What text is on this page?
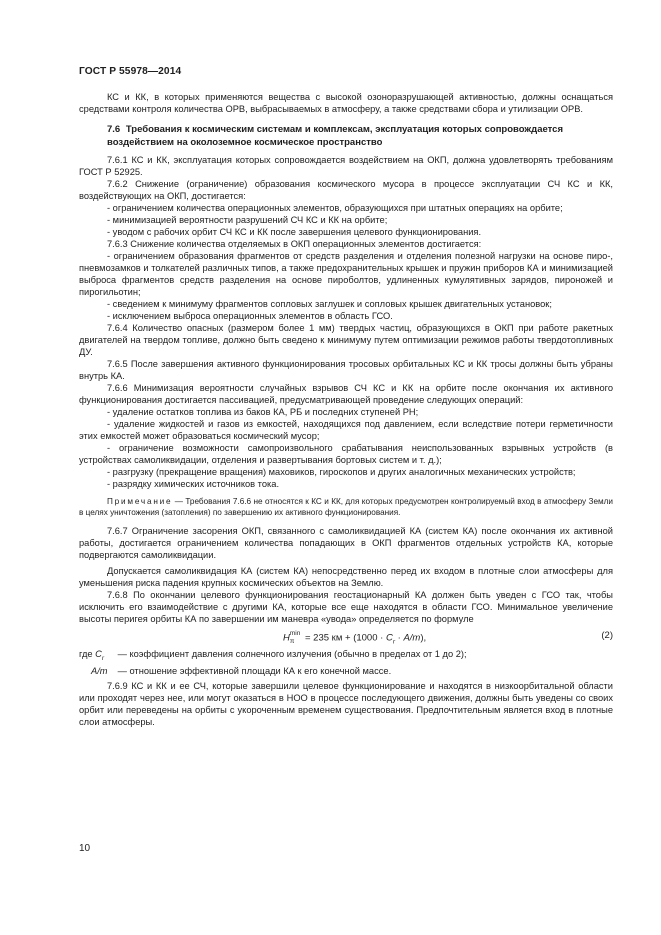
ГОСТ Р 55978—2014

КС и КК, в которых применяются вещества с высокой озоноразрушающей активностью, должны оснащаться средствами контроля количества ОРВ, выбрасываемых в атмосферу, а также средствами сбора и утилизации ОРВ.

7.6 Требования к космическим системам и комплексам, эксплуатация которых сопровождается воздействием на околоземное космическое пространство

7.6.1 КС и КК, эксплуатация которых сопровождается воздействием на ОКП, должна удовлетворять требованиям ГОСТ Р 52925.

7.6.2 Снижение (ограничение) образования космического мусора в процессе эксплуатации СЧ КС и КК, воздействующих на ОКП, достигается:

- ограничением количества операционных элементов, образующихся при штатных операциях на орбите;

- минимизацией вероятности разрушений СЧ КС и КК на орбите;

- уводом с рабочих орбит СЧ КС и КК после завершения целевого функционирования.

7.6.3 Снижение количества отделяемых в ОКП операционных элементов достигается:

- ограничением образования фрагментов от средств разделения и отделения полезной нагрузки на основе пиро-, пневмозамков и толкателей различных типов, а также предохранительных крышек и пружин приборов КА и минимизацией выброса фрагментов средств разделения на основе пироболтов, удлиненных кумулятивных зарядов, пироножей и пирогильотин;

- сведением к минимуму фрагментов сопловых заглушек и сопловых крышек двигательных установок;

- исключением выброса операционных элементов в область ГСО.

7.6.4 Количество опасных (размером более 1 мм) твердых частиц, образующихся в ОКП при работе ракетных двигателей на твердом топливе, должно быть сведено к минимуму путем оптимизации режимов работы твердотопливных ДУ.

7.6.5 После завершения активного функционирования тросовых орбитальных КС и КК тросы должны быть убраны внутрь КА.

7.6.6 Минимизация вероятности случайных взрывов СЧ КС и КК на орбите после окончания их активного функционирования достигается пассивацией, предусматривающей проведение следующих операций:

- удаление остатков топлива из баков КА, РБ и последних ступеней РН;

- удаление жидкостей и газов из емкостей, находящихся под давлением, если вследствие потери герметичности этих емкостей может образоваться космический мусор;

- ограничение возможности самопроизвольного срабатывания неиспользованных взрывных устройств (в устройствах самоликвидации, отделения и развертывания бортовых систем и т. д.);

- разгрузку (прекращение вращения) маховиков, гироскопов и других аналогичных механических устройств;

- разрядку химических источников тока.

Примечание — Требования 7.6.6 не относятся к КС и КК, для которых предусмотрен контролируемый вход в атмосферу Земли в целях уничтожения (затопления) по завершению их активного функционирования.

7.6.7 Ограничение засорения ОКП, связанного с самоликвидацией КА (систем КА) после окончания их активной работы, достигается ограничением количества попадающих в ОКП фрагментов отдельных устройств КА, которые подвергаются самоликвидации.

Допускается самоликвидация КА (систем КА) непосредственно перед их входом в плотные слои атмосферы для уменьшения риска падения крупных космических объектов на Землю.

7.6.8 По окончании целевого функционирования геостационарный КА должен быть уведен с ГСО так, чтобы исключить его взаимодействие с другими КА, которые все еще находятся в области ГСО. Минимальное увеличение высоты перигея орбиты КА по завершении им маневра «увода» определяется по формуле

H min
π = 235 км + $(1000 \cdot C_r \cdot A/m)$,	(2)
где $C_r$ — коэффициент давления солнечного излучения (обычно в пределах от 1 до 2);
A/m — отношение эффективной площади КА к его конечной массе.

7.6.9 КС и КК и ее СЧ, которые завершили целевое функционирование и находятся в низкоорбитальной области или проходят через нее, или могут оказаться в НОО в процессе последующего движения, должны быть уведены со своих орбит или переведены на орбиты с укороченным временем существования. Предпочтительным является вход в плотные слои атмосферы.

10
